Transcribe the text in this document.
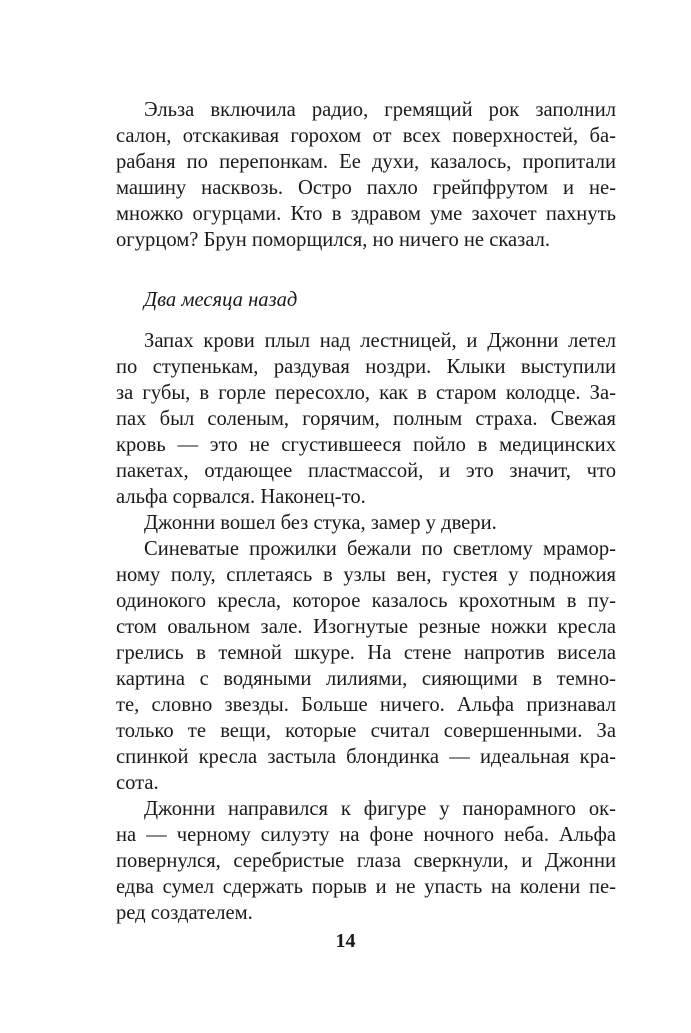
Эльза включила радио, гремящий рок заполнил
салон, отскакивая горохом от всех поверхностей, ба-
рабаня по перепонкам. Ее духи, казалось, пропитали
машину насквозь. Остро пахло грейпфрутом и не-
множко огурцами. Кто в здравом уме захочет пахнуть
огурцом? Брун поморщился, но ничего не сказал.
Два месяца назад
Запах крови плыл над лестницей, и Джонни летел
по ступенькам, раздувая ноздри. Клыки выступили
за губы, в горле пересохло, как в старом колодце. За-
пах был соленым, горячим, полным страха. Свежая
кровь — это не сгустившееся пойло в медицинских
пакетах, отдающее пластмассой, и это значит, что
альфа сорвался. Наконец-то.
Джонни вошел без стука, замер у двери.
Синеватые прожилки бежали по светлому мрамор-
ному полу, сплетаясь в узлы вен, густея у подножия
одинокого кресла, которое казалось крохотным в пу-
стом овальном зале. Изогнутые резные ножки кресла
грелись в темной шкуре. На стене напротив висела
картина с водяными лилиями, сияющими в темно-
те, словно звезды. Больше ничего. Альфа признавал
только те вещи, которые считал совершенными. За
спинкой кресла застыла блондинка — идеальная кра-
сота.
Джонни направился к фигуре у панорамного ок-
на — черному силуэту на фоне ночного неба. Альфа
повернулся, серебристые глаза сверкнули, и Джонни
едва сумел сдержать порыв и не упасть на колени пе-
ред создателем.
14
